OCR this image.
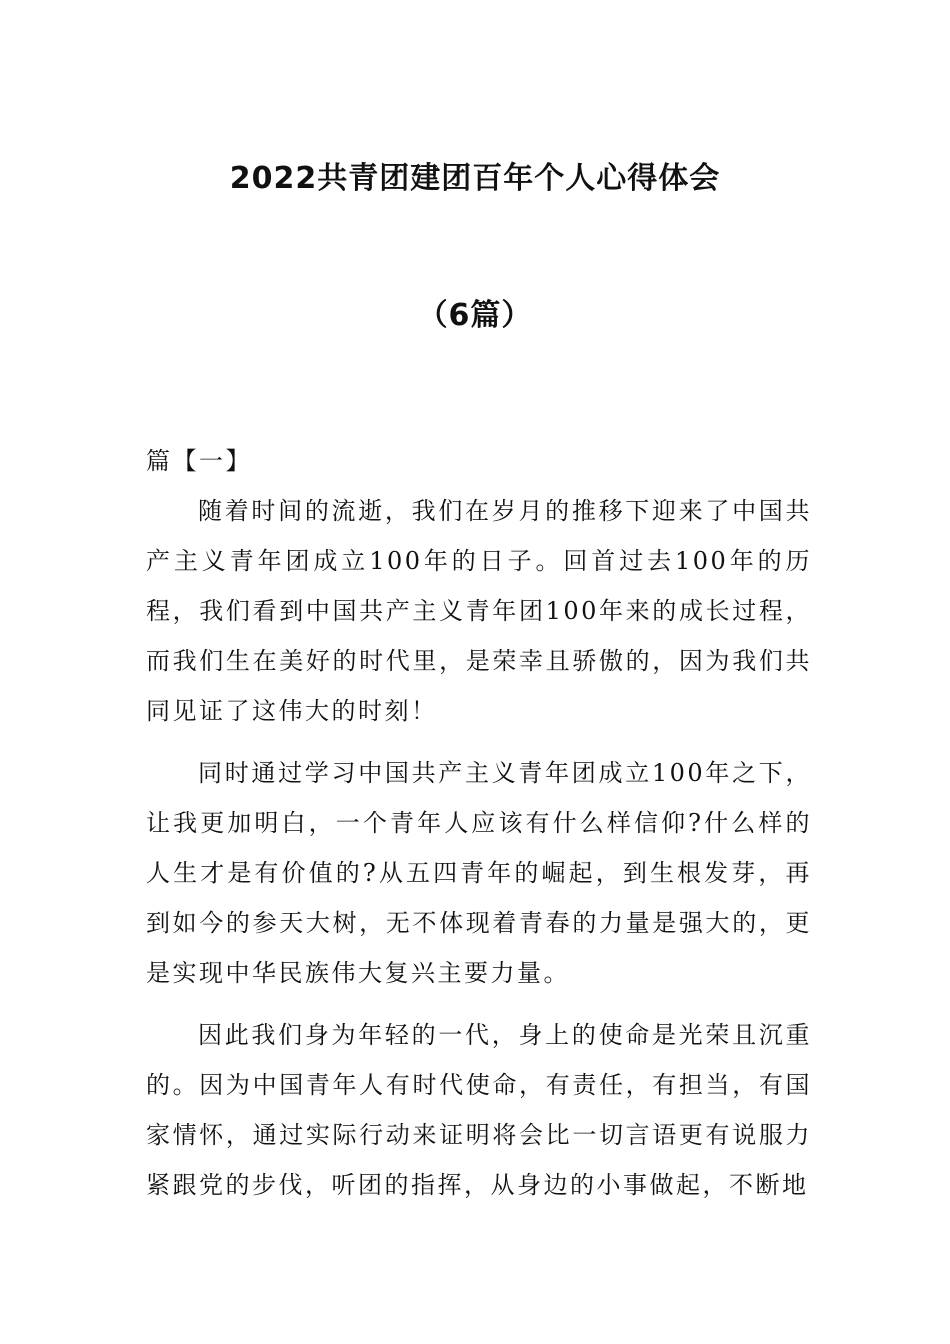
2022共青团建团百年个人心得体会
（6篇）

篇【一】

随着时间的流逝，我们在岁月的推移下迎来了中国共产主义青年团成立100年的日子。回首过去100年的历程，我们看到中国共产主义青年团100年来的成长过程，而我们生在美好的时代里，是荣幸且骄傲的，因为我们共同见证了这伟大的时刻！

同时通过学习中国共产主义青年团成立100年之下，让我更加明白，一个青年人应该有什么样信仰?什么样的人生才是有价值的?从五四青年的崛起，到生根发芽，再到如今的参天大树，无不体现着青春的力量是强大的，更是实现中华民族伟大复兴主要力量。

因此我们身为年轻的一代，身上的使命是光荣且沉重的。因为中国青年人有时代使命，有责任，有担当，有国家情怀，通过实际行动来证明将会比一切言语更有说服力紧跟党的步伐，听团的指挥，从身边的小事做起，不断地
